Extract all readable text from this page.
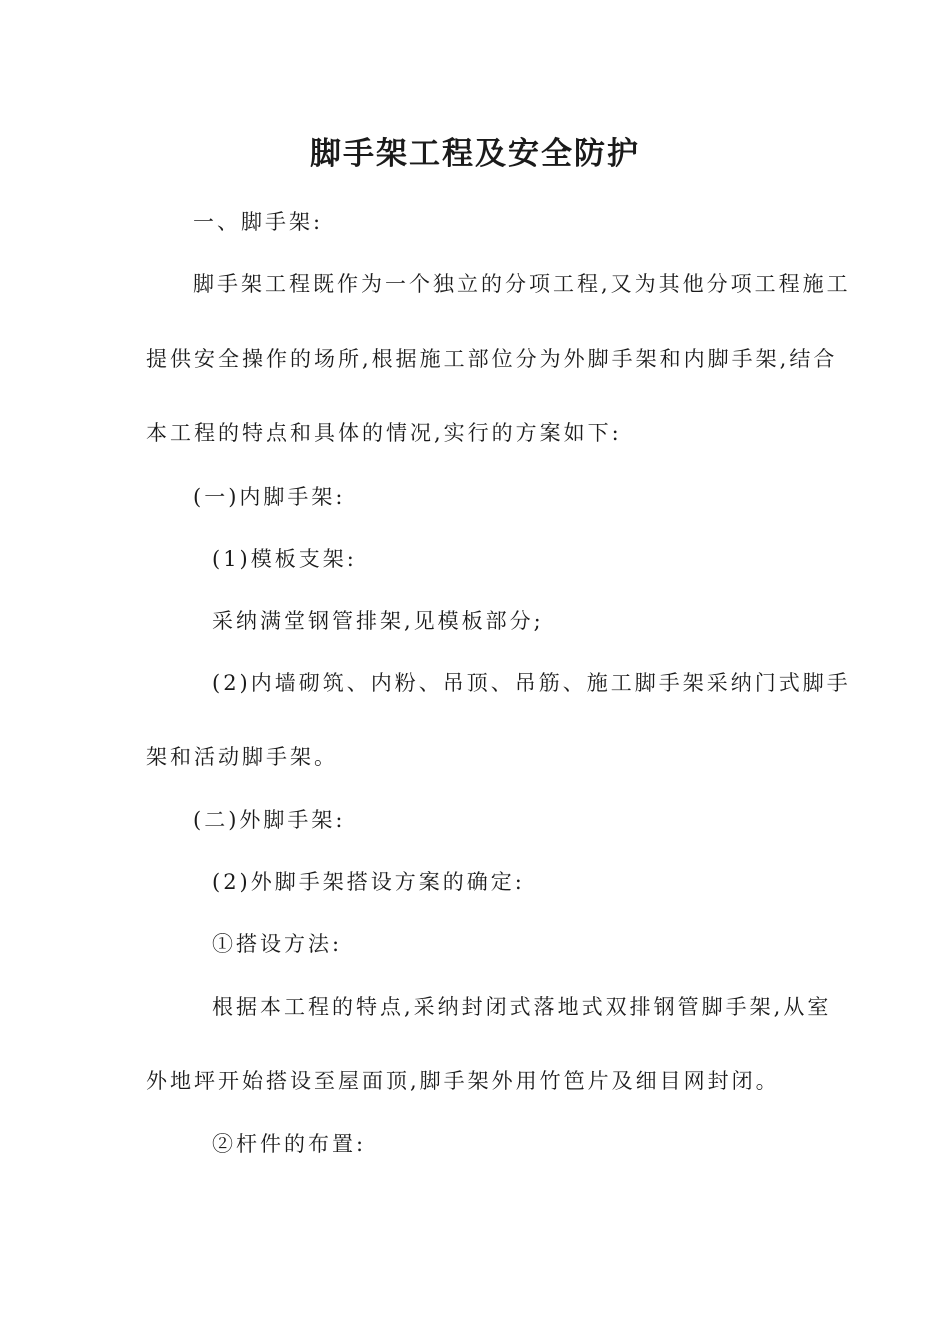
脚手架工程及安全防护
一、脚手架:
脚手架工程既作为一个独立的分项工程,又为其他分项工程施工
提供安全操作的场所,根据施工部位分为外脚手架和内脚手架,结合
本工程的特点和具体的情况,实行的方案如下:
(一)内脚手架:
(1)模板支架:
采纳满堂钢管排架,见模板部分;
(2)内墙砌筑、内粉、吊顶、吊筋、施工脚手架采纳门式脚手
架和活动脚手架。
(二)外脚手架:
(2)外脚手架搭设方案的确定:
①搭设方法:
根据本工程的特点,采纳封闭式落地式双排钢管脚手架,从室
外地坪开始搭设至屋面顶,脚手架外用竹笆片及细目网封闭。
②杆件的布置:
